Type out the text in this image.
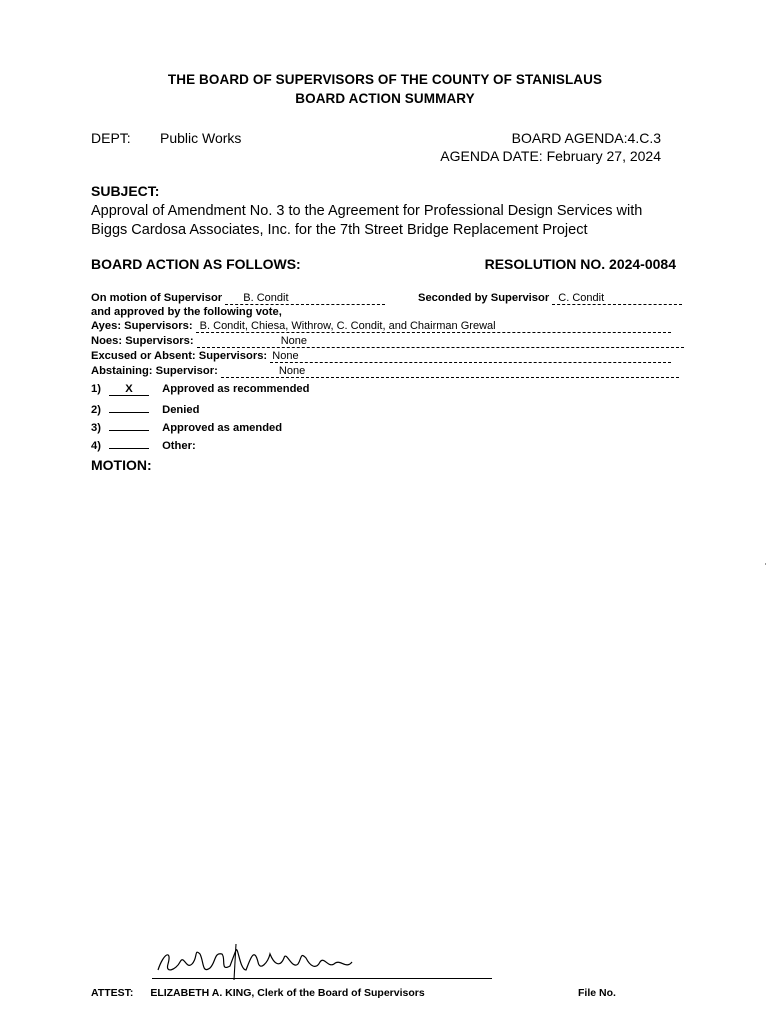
THE BOARD OF SUPERVISORS OF THE COUNTY OF STANISLAUS
BOARD ACTION SUMMARY
DEPT: Public Works	BOARD AGENDA:4.C.3
AGENDA DATE: February 27, 2024
SUBJECT:
Approval of Amendment No. 3 to the Agreement for Professional Design Services with
Biggs Cardosa Associates, Inc. for the 7th Street Bridge Replacement Project
BOARD ACTION AS FOLLOWS:	RESOLUTION NO. 2024-0084
On motion of Supervisor B. Condit	Seconded by Supervisor C. Condit
and approved by the following vote,
Ayes: Supervisors: B. Condit, Chiesa, Withrow, C. Condit, and Chairman Grewal
Noes: Supervisors:	None
Excused or Absent: Supervisors: None
Abstaining: Supervisor:	None
1) X	Approved as recommended
2)	Denied
3)	Approved as amended
4)	Other:
MOTION:
ATTEST: ELIZABETH A. KING, Clerk of the Board of Supervisors	File No.
